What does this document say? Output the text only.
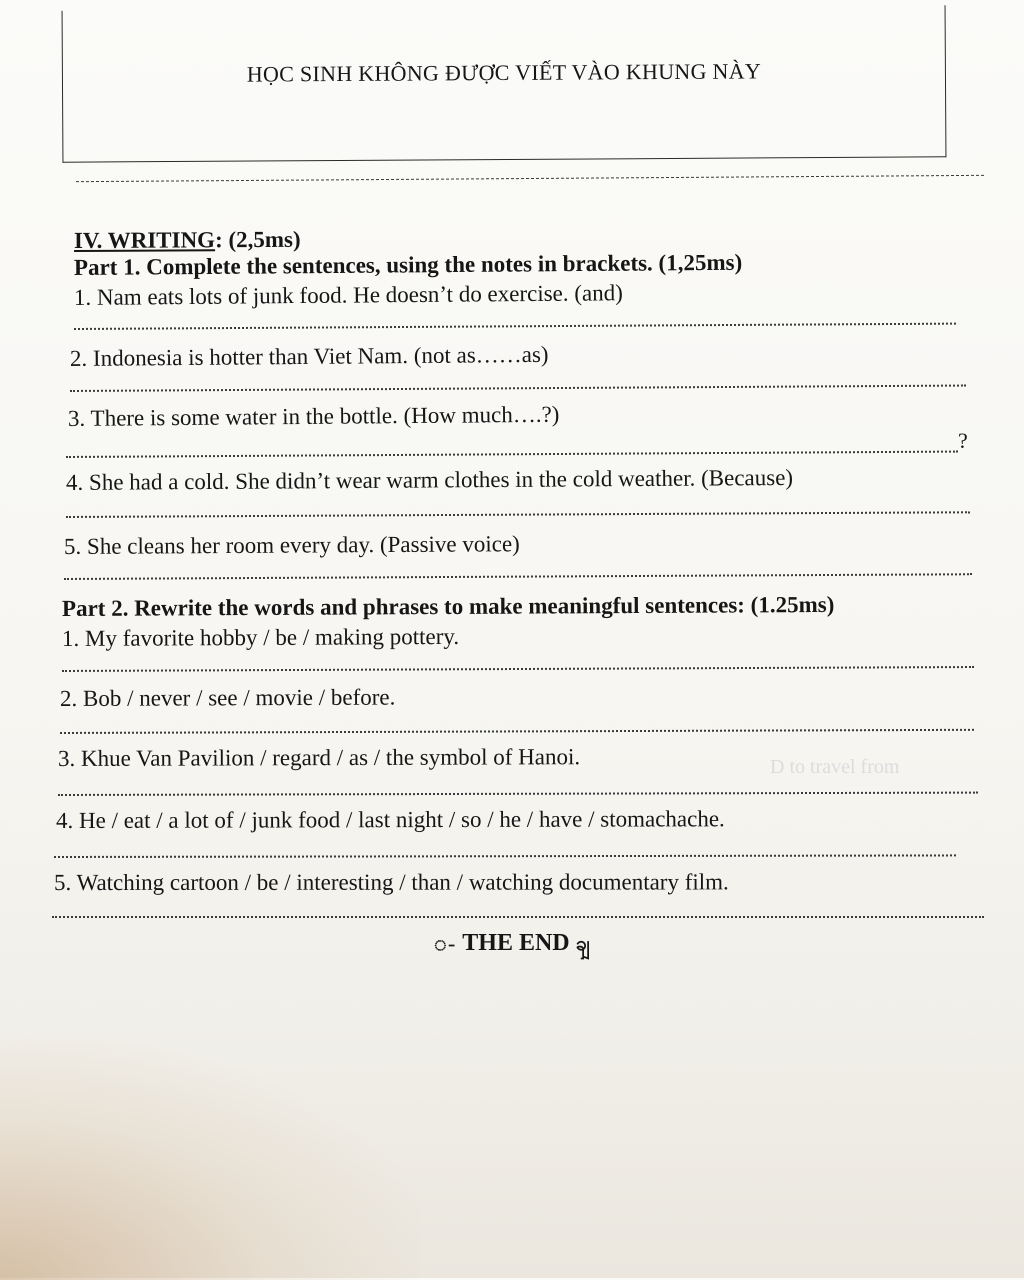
HỌC SINH KHÔNG ĐƯỢC VIẾT VÀO KHUNG NÀY
IV. WRITING: (2,5ms)
Part 1. Complete the sentences, using the notes in brackets. (1,25ms)
1. Nam eats lots of junk food. He doesn’t do exercise. (and)
2. Indonesia is hotter than Viet Nam. (not as……as)
3. There is some water in the bottle. (How much….?)
?
4. She had a cold. She didn’t wear warm clothes in the cold weather. (Because)
5. She cleans her room every day. (Passive voice)
Part 2. Rewrite the words and phrases to make meaningful sentences: (1.25ms)
1. My favorite hobby / be / making pottery.
2. Bob / never / see / movie / before.
3. Khue Van Pavilion / regard / as / the symbol of Hanoi.	D to travel from
4. He / eat / a lot of / junk food / last night / so / he / have / stomachache.
5. Watching cartoon / be / interesting / than / watching documentary film.
ꩽ THE END ꩾ
